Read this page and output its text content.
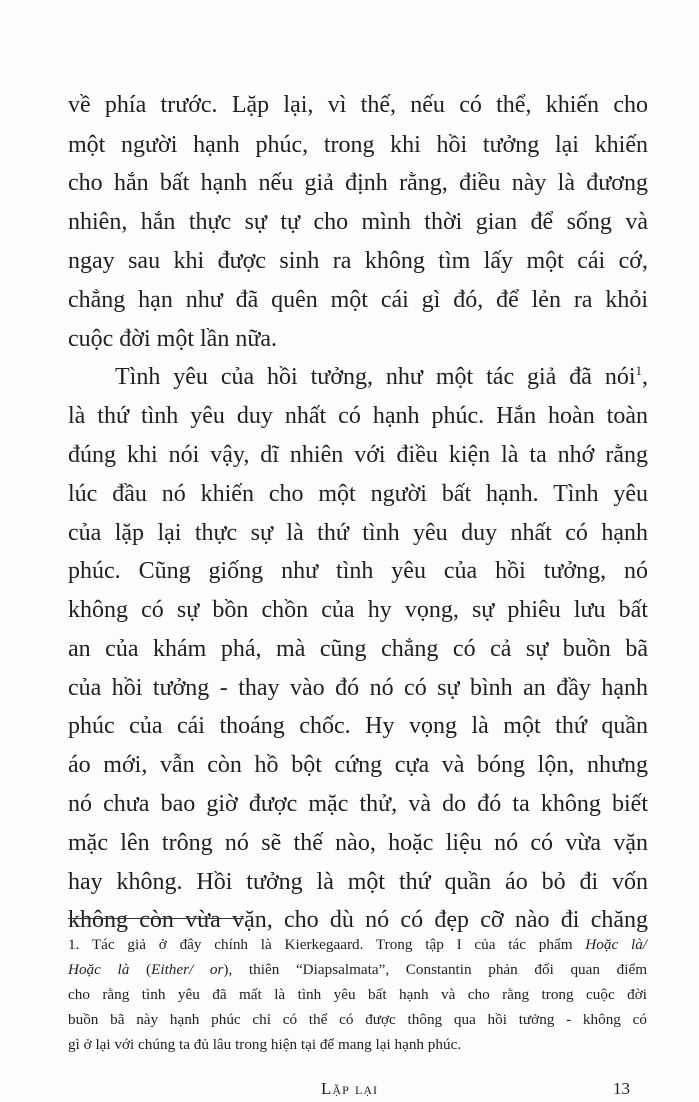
về phía trước. Lặp lại, vì thế, nếu có thể, khiến cho
một người hạnh phúc, trong khi hồi tưởng lại khiến
cho hắn bất hạnh nếu giả định rằng, điều này là đương
nhiên, hắn thực sự tự cho mình thời gian để sống và
ngay sau khi được sinh ra không tìm lấy một cái cớ,
chẳng hạn như đã quên một cái gì đó, để lẻn ra khỏi
cuộc đời một lần nữa.
Tình yêu của hồi tưởng, như một tác giả đã nói$^1$,
là thứ tình yêu duy nhất có hạnh phúc. Hắn hoàn toàn
đúng khi nói vậy, dĩ nhiên với điều kiện là ta nhớ rằng
lúc đầu nó khiến cho một người bất hạnh. Tình yêu
của lặp lại thực sự là thứ tình yêu duy nhất có hạnh
phúc. Cũng giống như tình yêu của hồi tưởng, nó
không có sự bồn chồn của hy vọng, sự phiêu lưu bất
an của khám phá, mà cũng chẳng có cả sự buồn bã
của hồi tưởng - thay vào đó nó có sự bình an đầy hạnh
phúc của cái thoáng chốc. Hy vọng là một thứ quần
áo mới, vẫn còn hồ bột cứng cựa và bóng lộn, nhưng
nó chưa bao giờ được mặc thử, và do đó ta không biết
mặc lên trông nó sẽ thế nào, hoặc liệu nó có vừa vặn
hay không. Hồi tưởng là một thứ quần áo bỏ đi vốn
không còn vừa vặn, cho dù nó có đẹp cỡ nào đi chăng
1. Tác giả ở đây chính là Kierkegaard. Trong tập I của tác phẩm Hoặc là/
Hoặc là (Either/ or), thiên “Diapsalmata”, Constantin phản đối quan điểm
cho rằng tình yêu đã mất là tình yêu bất hạnh và cho rằng trong cuộc đời
buồn bã này hạnh phúc chỉ có thể có được thông qua hồi tưởng - không có
gì ở lại với chúng ta đủ lâu trong hiện tại để mang lại hạnh phúc.
Lặp lại	13
